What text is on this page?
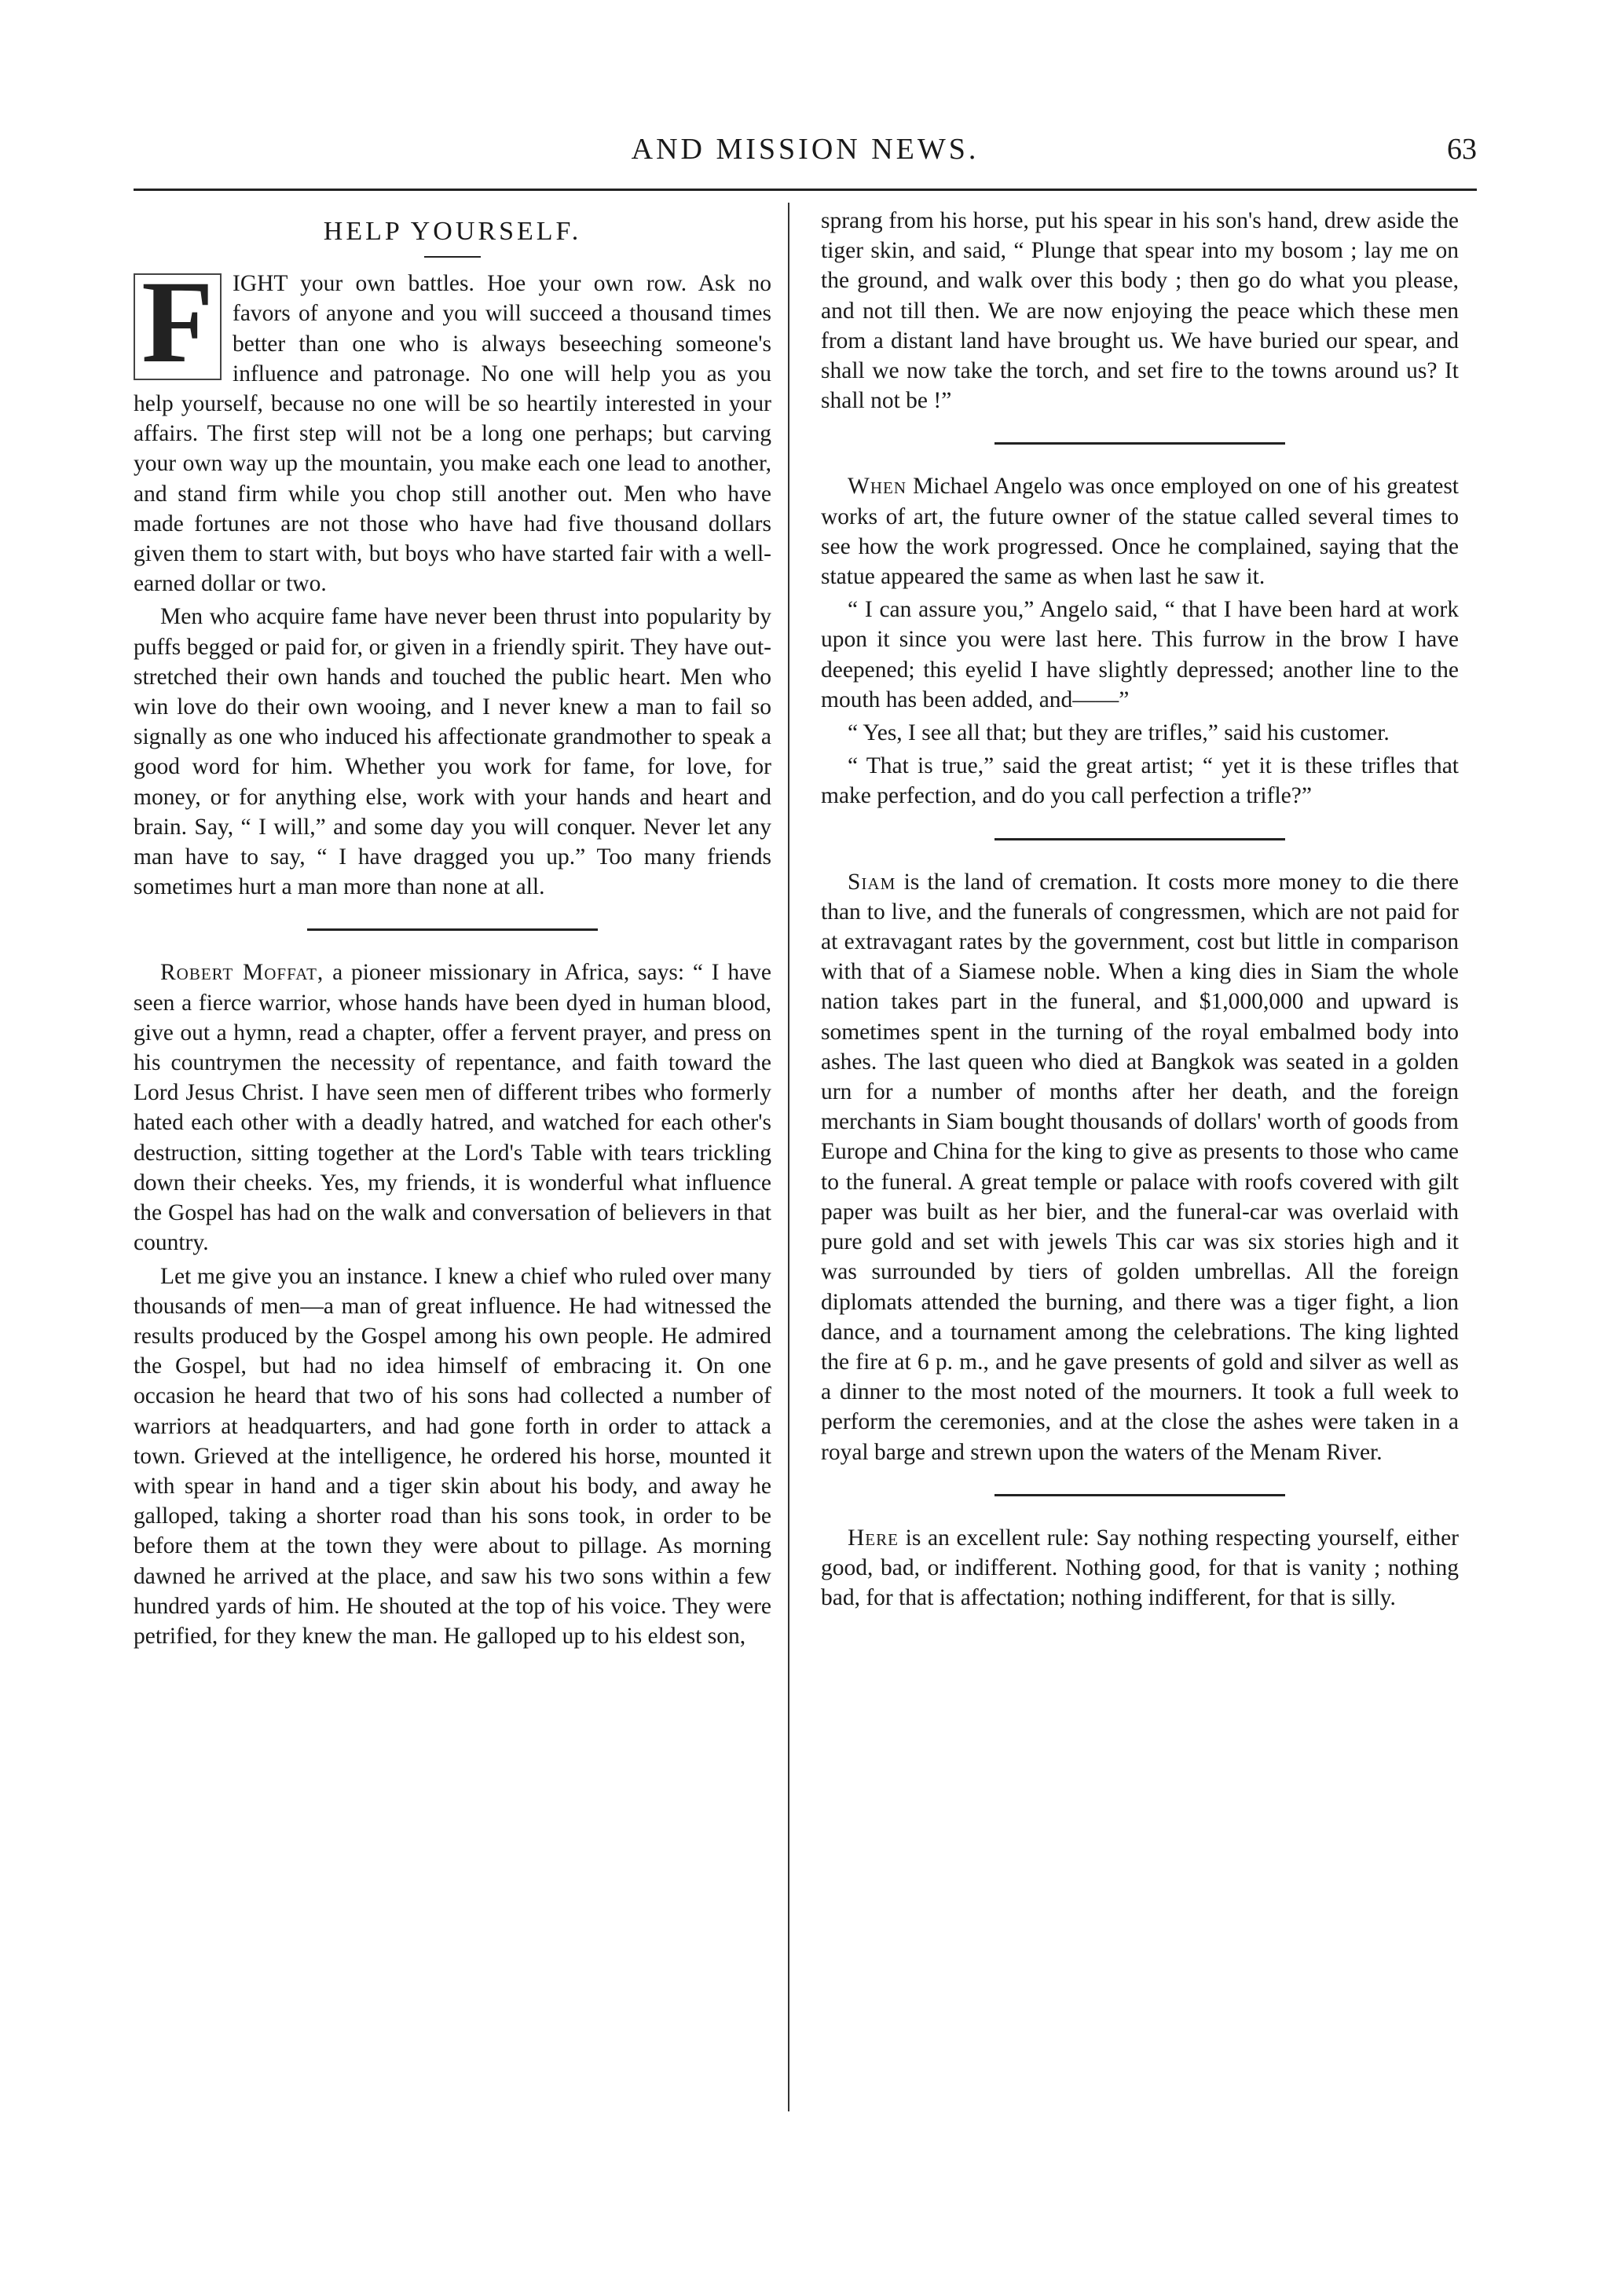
AND MISSION NEWS.	63
HELP YOURSELF.

F IGHT your own battles. Hoe your own row. Ask no favors of anyone and you will succeed a thousand times better than one who is always beseeching someone's influence and patronage. No one will help you as you help yourself, because no one will be so heartily interested in your affairs. The first step will not be a long one perhaps; but carving your own way up the mountain, you make each one lead to another, and stand firm while you chop still another out. Men who have made fortunes are not those who have had five thousand dollars given them to start with, but boys who have started fair with a well-earned dollar or two.

Men who acquire fame have never been thrust into popularity by puffs begged or paid for, or given in a friendly spirit. They have out-stretched their own hands and touched the public heart. Men who win love do their own wooing, and I never knew a man to fail so signally as one who induced his affectionate grandmother to speak a good word for him. Whether you work for fame, for love, for money, or for anything else, work with your hands and heart and brain. Say, “ I will,” and some day you will conquer. Never let any man have to say, “ I have dragged you up.” Too many friends sometimes hurt a man more than none at all.

Robert Moffat, a pioneer missionary in Africa, says: “ I have seen a fierce warrior, whose hands have been dyed in human blood, give out a hymn, read a chapter, offer a fervent prayer, and press on his countrymen the necessity of repentance, and faith toward the Lord Jesus Christ. I have seen men of different tribes who formerly hated each other with a deadly hatred, and watched for each other's destruction, sitting together at the Lord's Table with tears trickling down their cheeks. Yes, my friends, it is wonderful what influence the Gospel has had on the walk and conversation of believers in that country.

Let me give you an instance. I knew a chief who ruled over many thousands of men—a man of great influence. He had witnessed the results produced by the Gospel among his own people. He admired the Gospel, but had no idea himself of embracing it. On one occasion he heard that two of his sons had collected a number of warriors at headquarters, and had gone forth in order to attack a town. Grieved at the intelligence, he ordered his horse, mounted it with spear in hand and a tiger skin about his body, and away he galloped, taking a shorter road than his sons took, in order to be before them at the town they were about to pillage. As morning dawned he arrived at the place, and saw his two sons within a few hundred yards of him. He shouted at the top of his voice. They were petrified, for they knew the man. He galloped up to his eldest son,

sprang from his horse, put his spear in his son's hand, drew aside the tiger skin, and said, “ Plunge that spear into my bosom ; lay me on the ground, and walk over this body ; then go do what you please, and not till then. We are now enjoying the peace which these men from a distant land have brought us. We have buried our spear, and shall we now take the torch, and set fire to the towns around us? It shall not be !”

When Michael Angelo was once employed on one of his greatest works of art, the future owner of the statue called several times to see how the work progressed. Once he complained, saying that the statue appeared the same as when last he saw it.

“ I can assure you,” Angelo said, “ that I have been hard at work upon it since you were last here. This furrow in the brow I have deepened; this eyelid I have slightly depressed; another line to the mouth has been added, and——”

“ Yes, I see all that; but they are trifles,” said his customer.

“ That is true,” said the great artist; “ yet it is these trifles that make perfection, and do you call perfection a trifle?”

Siam is the land of cremation. It costs more money to die there than to live, and the funerals of congressmen, which are not paid for at extravagant rates by the government, cost but little in comparison with that of a Siamese noble. When a king dies in Siam the whole nation takes part in the funeral, and $1,000,000 and upward is sometimes spent in the turning of the royal embalmed body into ashes. The last queen who died at Bangkok was seated in a golden urn for a number of months after her death, and the foreign merchants in Siam bought thousands of dollars' worth of goods from Europe and China for the king to give as presents to those who came to the funeral. A great temple or palace with roofs covered with gilt paper was built as her bier, and the funeral-car was overlaid with pure gold and set with jewels This car was six stories high and it was surrounded by tiers of golden umbrellas. All the foreign diplomats attended the burning, and there was a tiger fight, a lion dance, and a tournament among the celebrations. The king lighted the fire at 6 p. m., and he gave presents of gold and silver as well as a dinner to the most noted of the mourners. It took a full week to perform the ceremonies, and at the close the ashes were taken in a royal barge and strewn upon the waters of the Menam River.

Here is an excellent rule: Say nothing respecting yourself, either good, bad, or indifferent. Nothing good, for that is vanity ; nothing bad, for that is affectation; nothing indifferent, for that is silly.
